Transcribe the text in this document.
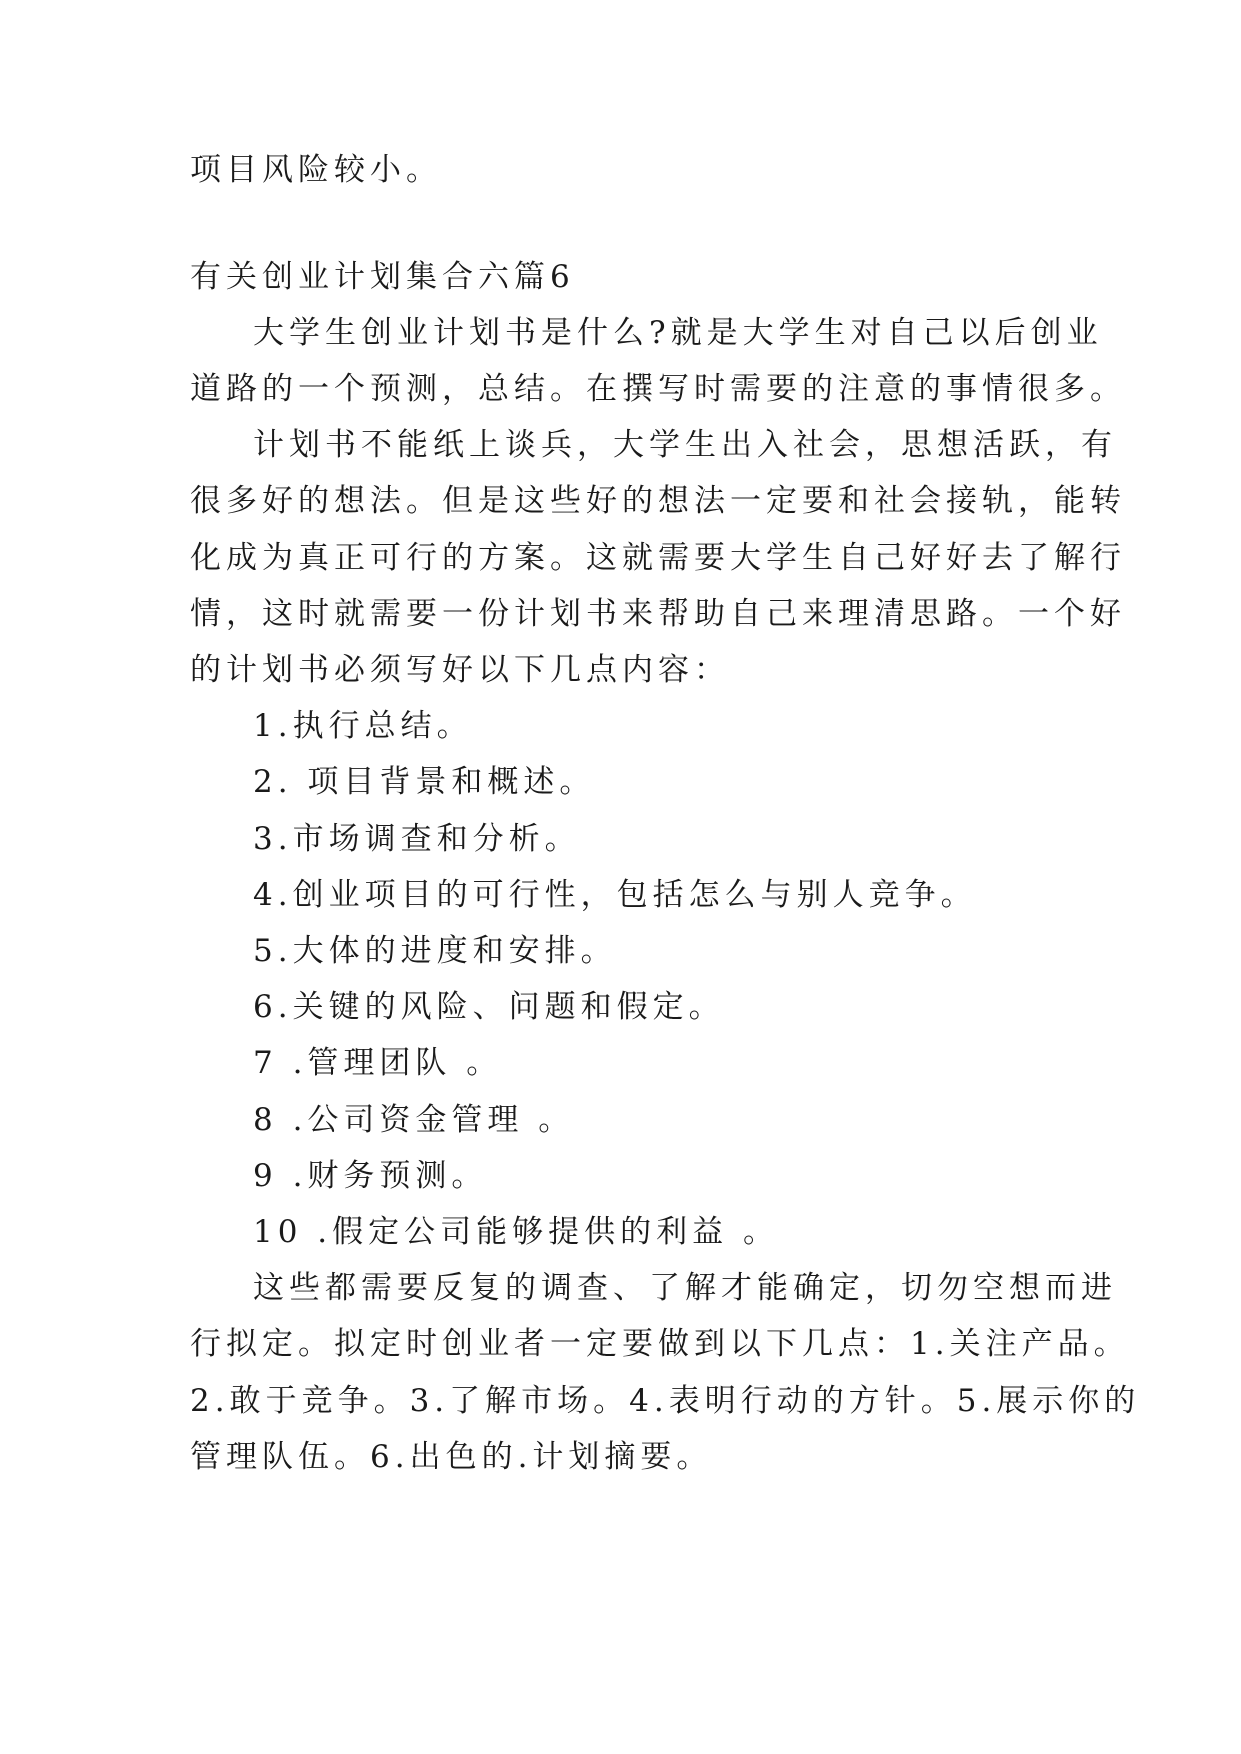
项目风险较小。
有关创业计划集合六篇6
大学生创业计划书是什么?就是大学生对自己以后创业
道路的一个预测，总结。在撰写时需要的注意的事情很多。
计划书不能纸上谈兵，大学生出入社会，思想活跃，有
很多好的想法。但是这些好的想法一定要和社会接轨，能转
化成为真正可行的方案。这就需要大学生自己好好去了解行
情，这时就需要一份计划书来帮助自己来理清思路。一个好
的计划书必须写好以下几点内容：
1.执行总结。
2. 项目背景和概述。
3.市场调查和分析。
4.创业项目的可行性，包括怎么与别人竞争。
5.大体的进度和安排。
6.关键的风险、问题和假定。
7 .管理团队 。
8 .公司资金管理 。
9 .财务预测。
10 .假定公司能够提供的利益 。
这些都需要反复的调查、了解才能确定，切勿空想而进
行拟定。拟定时创业者一定要做到以下几点：1.关注产品。
2.敢于竞争。3.了解市场。4.表明行动的方针。5.展示你的
管理队伍。6.出色的.计划摘要。
